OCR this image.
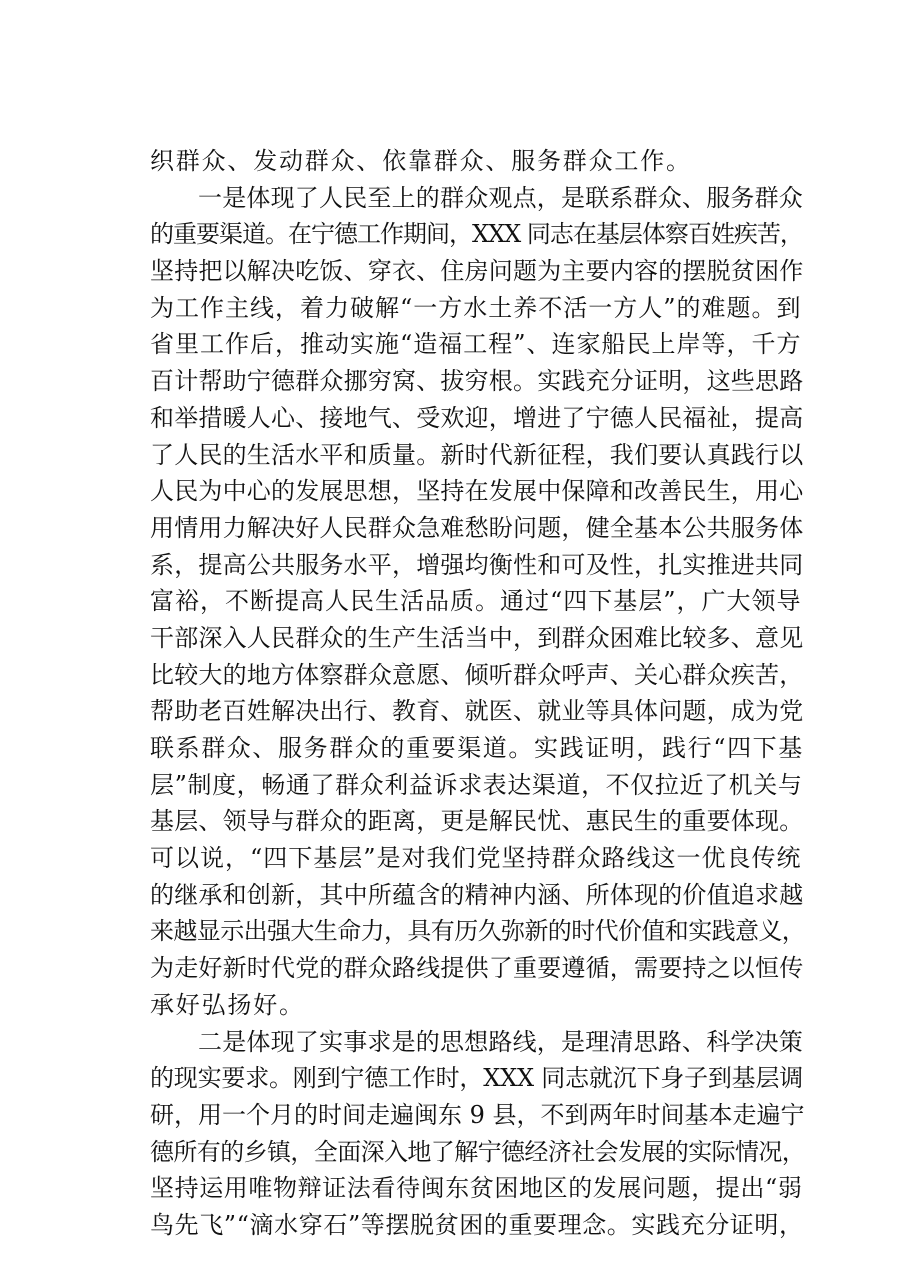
织群众、发动群众、依靠群众、服务群众工作。
一是体现了人民至上的群众观点，是联系群众、服务群众
的重要渠道。在宁德工作期间，XXX 同志在基层体察百姓疾苦，
坚持把以解决吃饭、穿衣、住房问题为主要内容的摆脱贫困作
为工作主线，着力破解“一方水土养不活一方人”的难题。到
省里工作后，推动实施“造福工程”、连家船民上岸等，千方
百计帮助宁德群众挪穷窝、拔穷根。实践充分证明，这些思路
和举措暖人心、接地气、受欢迎，增进了宁德人民福祉，提高
了人民的生活水平和质量。新时代新征程，我们要认真践行以
人民为中心的发展思想，坚持在发展中保障和改善民生，用心
用情用力解决好人民群众急难愁盼问题，健全基本公共服务体
系，提高公共服务水平，增强均衡性和可及性，扎实推进共同
富裕，不断提高人民生活品质。通过“四下基层”，广大领导
干部深入人民群众的生产生活当中，到群众困难比较多、意见
比较大的地方体察群众意愿、倾听群众呼声、关心群众疾苦，
帮助老百姓解决出行、教育、就医、就业等具体问题，成为党
联系群众、服务群众的重要渠道。实践证明，践行“四下基
层”制度，畅通了群众利益诉求表达渠道，不仅拉近了机关与
基层、领导与群众的距离，更是解民忧、惠民生的重要体现。
可以说，“四下基层”是对我们党坚持群众路线这一优良传统
的继承和创新，其中所蕴含的精神内涵、所体现的价值追求越
来越显示出强大生命力，具有历久弥新的时代价值和实践意义，
为走好新时代党的群众路线提供了重要遵循，需要持之以恒传
承好弘扬好。
二是体现了实事求是的思想路线，是理清思路、科学决策
的现实要求。刚到宁德工作时，XXX 同志就沉下身子到基层调
研，用一个月的时间走遍闽东 9 县，不到两年时间基本走遍宁
德所有的乡镇，全面深入地了解宁德经济社会发展的实际情况，
坚持运用唯物辩证法看待闽东贫困地区的发展问题，提出“弱
鸟先飞”“滴水穿石”等摆脱贫困的重要理念。实践充分证明，
